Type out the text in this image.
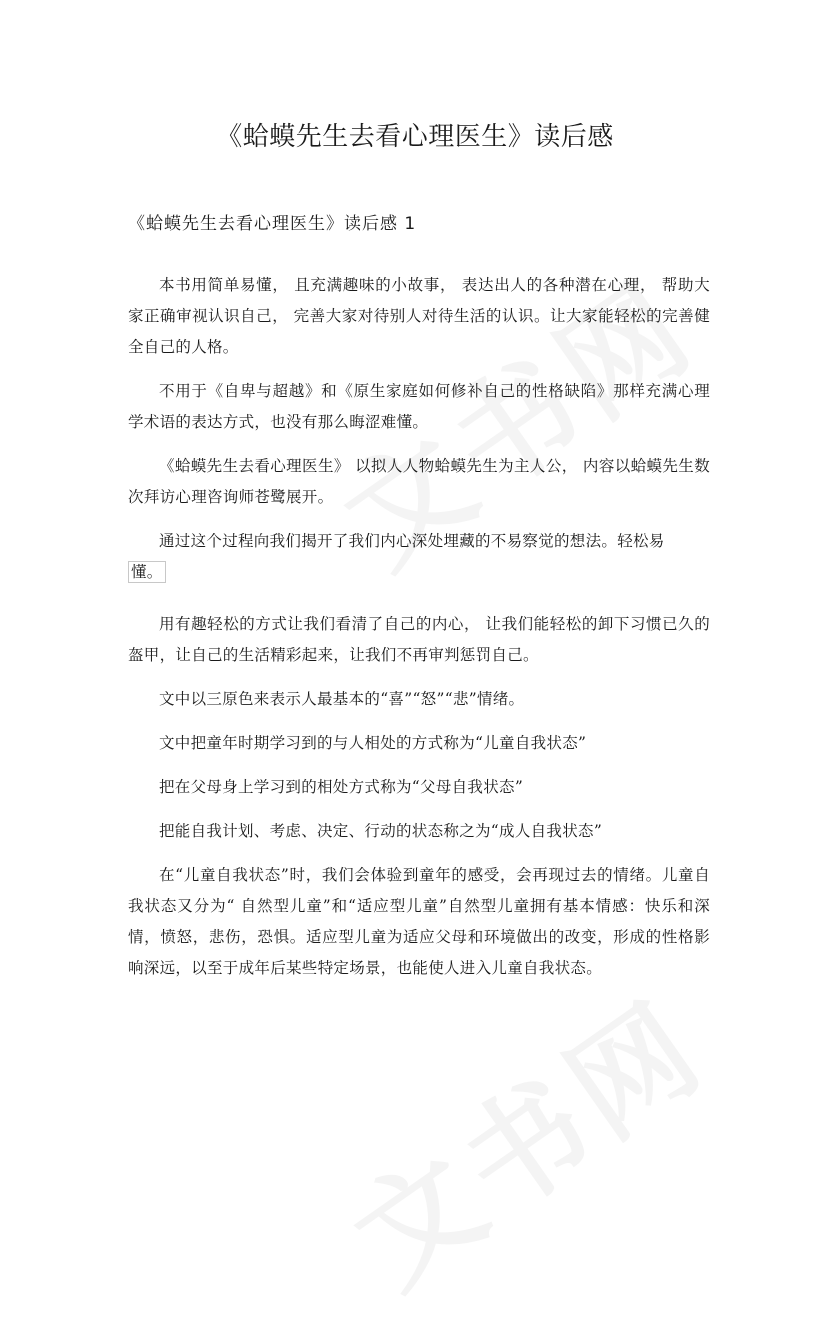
《蛤蟆先生去看心理医生》读后感
《蛤蟆先生去看心理医生》读后感 1

本书用简单易懂， 且充满趣味的小故事， 表达出人的各种潜在心理， 帮助大家正确审视认识自己， 完善大家对待别人对待生活的认识。让大家能轻松的完善健全自己的人格。

不用于《自卑与超越》和《原生家庭如何修补自己的性格缺陷》那样充满心理学术语的表达方式，也没有那么晦涩难懂。

《蛤蟆先生去看心理医生》 以拟人人物蛤蟆先生为主人公， 内容以蛤蟆先生数次拜访心理咨询师苍鹭展开。

通过这个过程向我们揭开了我们内心深处埋藏的不易察觉的想法。轻松易
懂。

用有趣轻松的方式让我们看清了自己的内心， 让我们能轻松的卸下习惯已久的盔甲，让自己的生活精彩起来，让我们不再审判惩罚自己。

文中以三原色来表示人最基本的“喜”“怒”“悲”情绪。

文中把童年时期学习到的与人相处的方式称为“儿童自我状态”

把在父母身上学习到的相处方式称为“父母自我状态”

把能自我计划、考虑、决定、行动的状态称之为“成人自我状态”

在“儿童自我状态”时，我们会体验到童年的感受，会再现过去的情绪。儿童自我状态又分为“ 自然型儿童”和“适应型儿童”自然型儿童拥有基本情感：快乐和深情，愤怒，悲伤，恐惧。适应型儿童为适应父母和环境做出的改变，形成的性格影响深远，以至于成年后某些特定场景，也能使人进入儿童自我状态。
